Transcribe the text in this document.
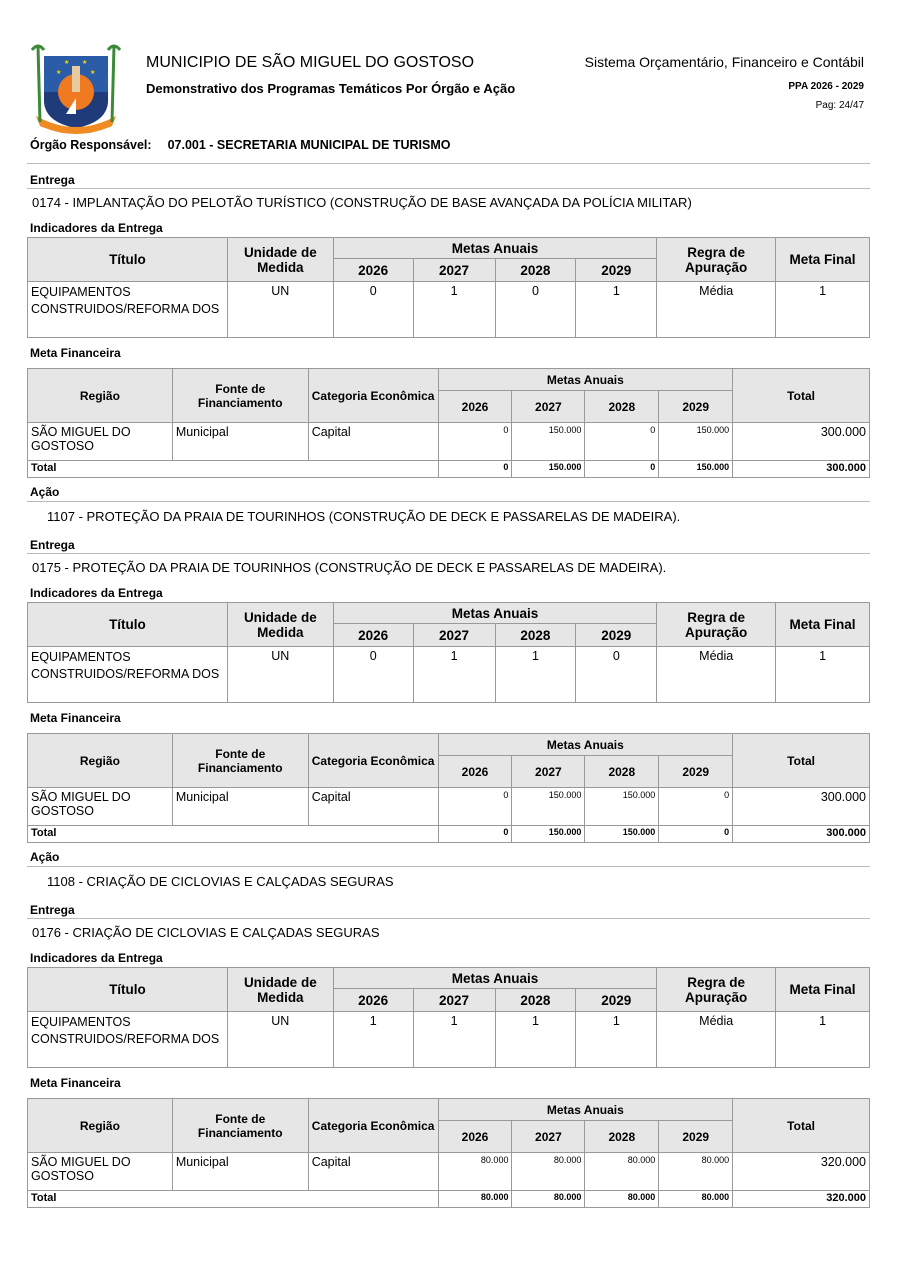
★ ★
★	★
MUNICIPIO DE SÃO MIGUEL DO GOSTOSO	Sistema Orçamentário, Financeiro e Contábil
Demonstrativo dos Programas Temáticos Por Órgão e Ação	PPA 2026 - 2029
Pag: 24/47
Órgão Responsável: 07.001 - SECRETARIA MUNICIPAL DE TURISMO
Entrega
0174 - IMPLANTAÇÃO DO PELOTÃO TURÍSTICO (CONSTRUÇÃO DE BASE AVANÇADA DA POLÍCIA MILITAR)
Indicadores da Entrega
Título	Unidade de Medida	Metas Anuais				Regra de Apuração	Meta Final
		2026	2027	2028	2029		
EQUIPAMENTOS CONSTRUIDOS/REFORMA DOS	UN	0	1	0	1	Média	1
Meta Financeira
Região	Fonte de Financiamento	Categoria Econômica	Metas Anuais				Total
			2026	2027	2028	2029	
SÃO MIGUEL DO GOSTOSO	Municipal	Capital	0	150.000	0	150.000	300.000
Total			0	150.000	0	150.000	300.000
Ação
1107 - PROTEÇÃO DA PRAIA DE TOURINHOS (CONSTRUÇÃO DE DECK E PASSARELAS DE MADEIRA).
Entrega
0175 - PROTEÇÃO DA PRAIA DE TOURINHOS (CONSTRUÇÃO DE DECK E PASSARELAS DE MADEIRA).
Indicadores da Entrega
Título	Unidade de Medida	Metas Anuais				Regra de Apuração	Meta Final
		2026	2027	2028	2029		
EQUIPAMENTOS CONSTRUIDOS/REFORMA DOS	UN	0	1	1	0	Média	1
Meta Financeira
Região	Fonte de Financiamento	Categoria Econômica	Metas Anuais				Total
			2026	2027	2028	2029	
SÃO MIGUEL DO GOSTOSO	Municipal	Capital	0	150.000	150.000	0	300.000
Total			0	150.000	150.000	0	300.000
Ação
1108 - CRIAÇÃO DE CICLOVIAS E CALÇADAS SEGURAS
Entrega
0176 - CRIAÇÃO DE CICLOVIAS E CALÇADAS SEGURAS
Indicadores da Entrega
Título	Unidade de Medida	Metas Anuais				Regra de Apuração	Meta Final
		2026	2027	2028	2029		
EQUIPAMENTOS CONSTRUIDOS/REFORMA DOS	UN	1	1	1	1	Média	1
Meta Financeira
Região	Fonte de Financiamento	Categoria Econômica	Metas Anuais				Total
			2026	2027	2028	2029	
SÃO MIGUEL DO GOSTOSO	Municipal	Capital	80.000	80.000	80.000	80.000	320.000
Total			80.000	80.000	80.000	80.000	320.000
